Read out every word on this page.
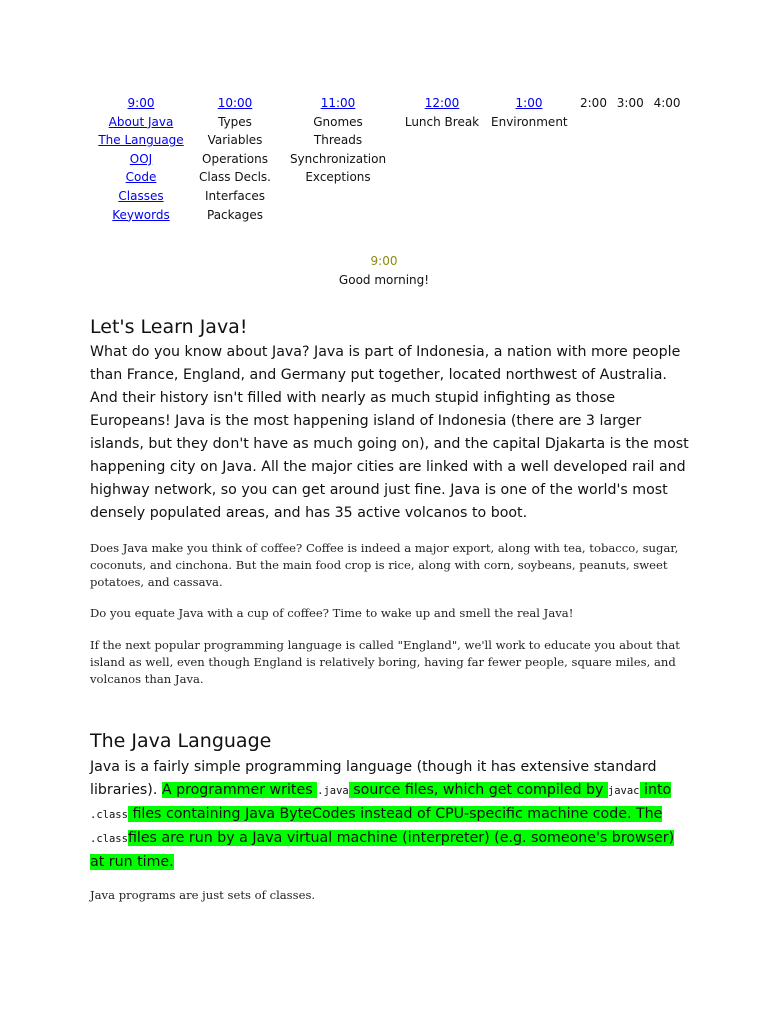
9:00
About Java
The Language
OOJ
Code
Classes
Keywords
10:00
Types
Variables
Operations
Class Decls.
Interfaces
Packages
11:00
Gnomes
Threads
Synchronization
Exceptions
12:00
Lunch Break
1:00
Environment
2:00 3:00 4:00
9:00
Good morning!
Let's Learn Java!

What do you know about Java? Java is part of Indonesia, a nation with more people than France, England, and Germany put together, located northwest of Australia. And their history isn't filled with nearly as much stupid infighting as those Europeans! Java is the most happening island of Indonesia (there are 3 larger islands, but they don't have as much going on), and the capital Djakarta is the most happening city on Java. All the major cities are linked with a well developed rail and highway network, so you can get around just fine. Java is one of the world's most densely populated areas, and has 35 active volcanos to boot.

Does Java make you think of coffee? Coffee is indeed a major export, along with tea, tobacco, sugar, coconuts, and cinchona. But the main food crop is rice, along with corn, soybeans, peanuts, sweet potatoes, and cassava.

Do you equate Java with a cup of coffee? Time to wake up and smell the real Java!

If the next popular programming language is called "England", we'll work to educate you about that island as well, even though England is relatively boring, having far fewer people, square miles, and volcanos than Java.

The Java Language

Java is a fairly simple programming language (though it has extensive standard libraries). A programmer writes .java source files, which get compiled by javac into .class files containing Java ByteCodes instead of CPU-specific machine code. The .classfiles are run by a Java virtual machine (interpreter) (e.g. someone's browser) at run time.

Java programs are just sets of classes.
